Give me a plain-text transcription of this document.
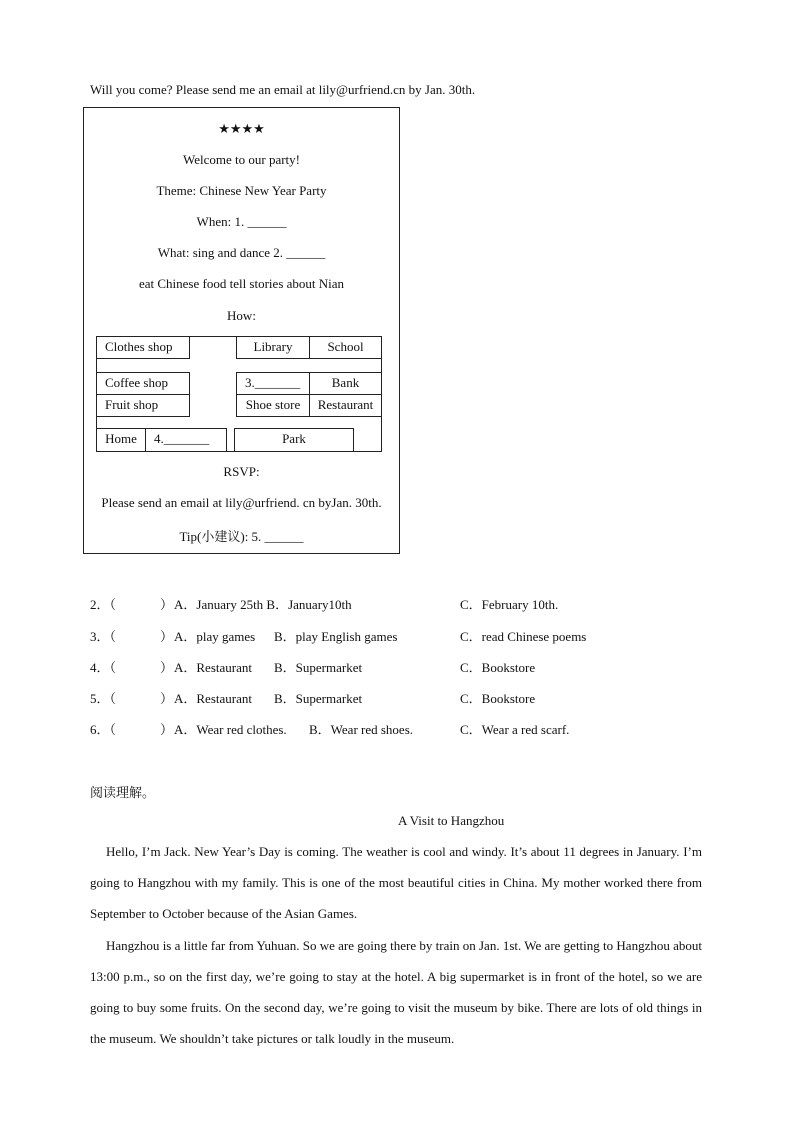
Will you come? Please send me an email at lily@urfriend.cn by Jan. 30th.
★★★★
Welcome to our party!
Theme: Chinese New Year Party
When: 1. ______
What: sing and dance 2. ______
eat Chinese food tell stories about Nian
How:
Clothes shop	Library	School
Coffee shop	3._______	Bank
Fruit shop	Shoe store	Restaurant
Home	4._______	Park
RSVP:
Please send an email at lily@urfriend. cn byJan. 30th.
Tip(小建议): 5. ______
2．（	） A．January 25th B．January10th	C．February 10th.
3．（	） A．play games B．play English games	C．read Chinese poems
4．（	） A．Restaurant B．Supermarket	C．Bookstore
5．（	） A．Restaurant B．Supermarket	C．Bookstore
6．（	） A．Wear red clothes. B．Wear red shoes.	C．Wear a red scarf.
阅读理解。
A Visit to Hangzhou

Hello, I’m Jack. New Year’s Day is coming. The weather is cool and windy. It’s about 11 degrees in January. I’m going to Hangzhou with my family. This is one of the most beautiful cities in China. My mother worked there from September to October because of the Asian Games.

Hangzhou is a little far from Yuhuan. So we are going there by train on Jan. 1st. We are getting to Hangzhou about 13:00 p.m., so on the first day, we’re going to stay at the hotel. A big supermarket is in front of the hotel, so we are going to buy some fruits. On the second day, we’re going to visit the museum by bike. There are lots of old things in the museum. We shouldn’t take pictures or talk loudly in the museum.
